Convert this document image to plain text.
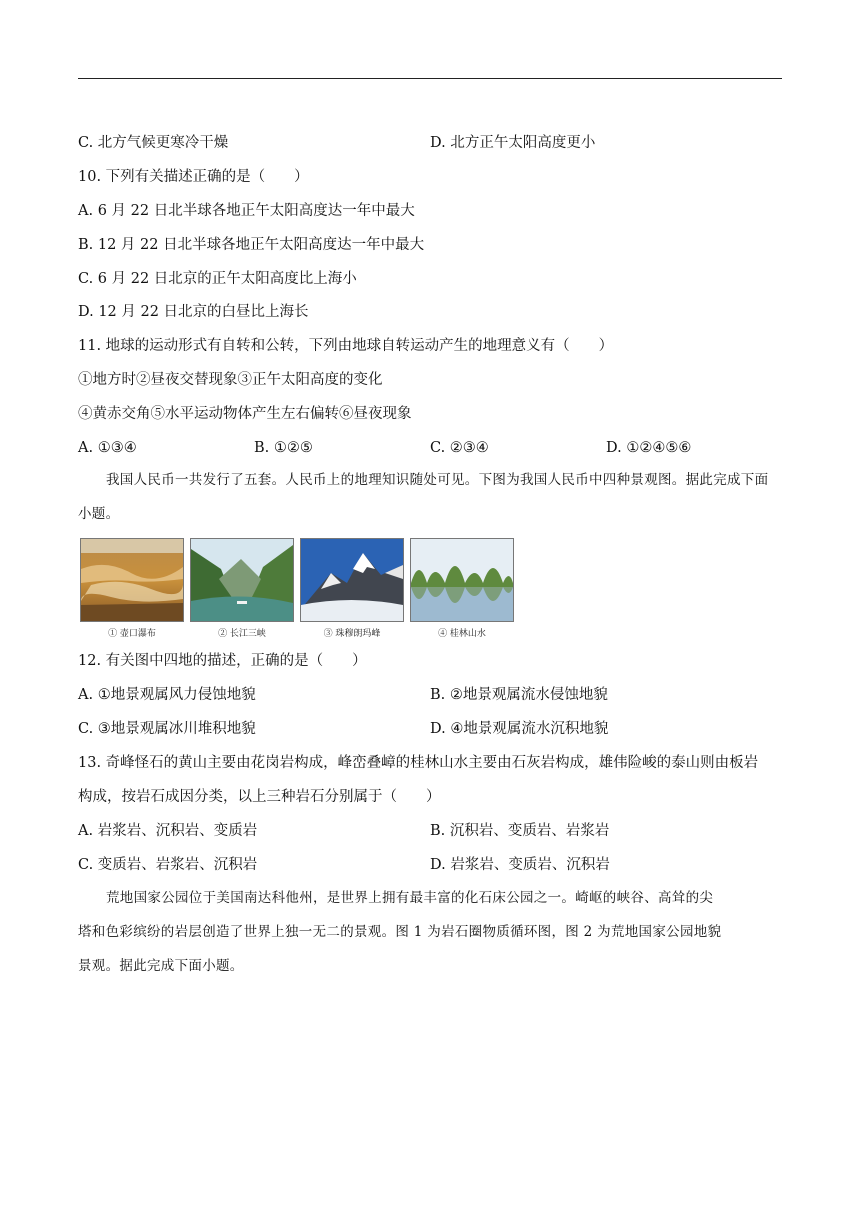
C. 北方气候更寒冷干燥	D. 北方正午太阳高度更小
10. 下列有关描述正确的是（　　）
A. 6 月 22 日北半球各地正午太阳高度达一年中最大
B. 12 月 22 日北半球各地正午太阳高度达一年中最大
C. 6 月 22 日北京的正午太阳高度比上海小
D. 12 月 22 日北京的白昼比上海长
11. 地球的运动形式有自转和公转，下列由地球自转运动产生的地理意义有（　　）
①地方时②昼夜交替现象③正午太阳高度的变化
④黄赤交角⑤水平运动物体产生左右偏转⑥昼夜现象
A. ①③④	B. ①②⑤	C. ②③④	D. ①②④⑤⑥
我国人民币一共发行了五套。人民币上的地理知识随处可见。下图为我国人民币中四种景观图。据此完成下面小题。
① 壶口瀑布	② 长江三峡	③ 珠穆朗玛峰	④ 桂林山水
12. 有关图中四地的描述，正确的是（　　）
A. ①地景观属风力侵蚀地貌	B. ②地景观属流水侵蚀地貌
C. ③地景观属冰川堆积地貌	D. ④地景观属流水沉积地貌
13. 奇峰怪石的黄山主要由花岗岩构成，峰峦叠嶂的桂林山水主要由石灰岩构成，雄伟险峻的泰山则由板岩
构成，按岩石成因分类，以上三种岩石分别属于（　　）
A. 岩浆岩、沉积岩、变质岩	B. 沉积岩、变质岩、岩浆岩
C. 变质岩、岩浆岩、沉积岩	D. 岩浆岩、变质岩、沉积岩
荒地国家公园位于美国南达科他州，是世界上拥有最丰富的化石床公园之一。崎岖的峡谷、高耸的尖
塔和色彩缤纷的岩层创造了世界上独一无二的景观。图 1 为岩石圈物质循环图，图 2 为荒地国家公园地貌
景观。据此完成下面小题。
